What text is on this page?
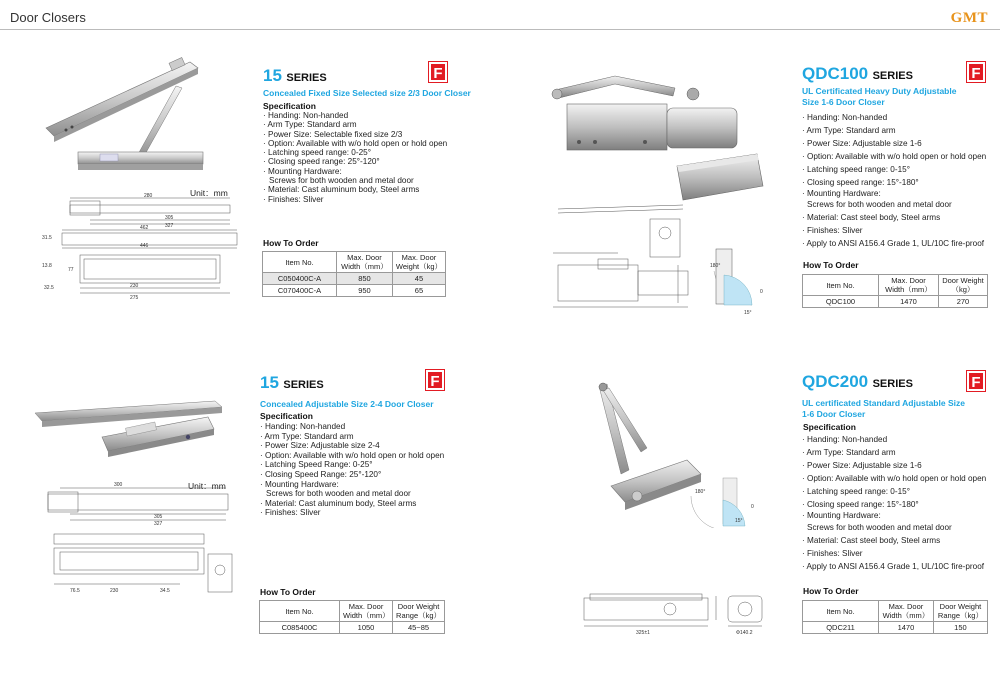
Door Closers	GMT
Unit：mm
280
305
327
462
446
31.5
13.8
77
32.5	230
275
15 SERIES	F
Concealed Fixed Size Selected size 2/3 Door Closer
Specification
· Handing: Non-handed
· Arm Type: Standard arm
· Power Size: Selectable fixed size 2/3
· Option: Available with w/o hold open or hold open
· Latching speed range: 0-25°
· Closing speed range: 25°-120°
· Mounting Hardware:
Screws for both wooden and metal door
· Material: Cast aluminum body, Steel arms
· Finishes: Sliver
How To Order
Item No.	Max. Door Width（mm）	Max. Door Weight（kg）
C050400C-A	850	45
C070400C-A	950	65
180°
15°
0
QDC100 SERIES	F
UL Certificated Heavy Duty Adjustable Size 1-6 Door Closer
· Handing: Non-handed
· Arm Type: Standard arm
· Power Size: Adjustable size 1-6
· Option: Available with w/o hold open or hold open
· Latching speed range: 0-15°
· Closing speed range: 15°-180°
· Mounting Hardware:
Screws for both wooden and metal door
· Material: Cast steel body, Steel arms
· Finishes: Sliver
· Apply to ANSI A156.4 Grade 1, UL/10C fire-proof
How To Order
Item No.	Max. Door Width（mm）	Door Weight（kg）
QDC100	1470	270
Unit：mm
300
305
327
76.5	230	34.5
15 SERIES	F
Concealed Adjustable Size 2-4 Door Closer
Specification
· Handing: Non-handed
· Arm Type: Standard arm
· Power Size: Adjustable size 2-4
· Option: Available with w/o hold open or hold open
· Latching Speed Range: 0-25°
· Closing Speed Range: 25°-120°
· Mounting Hardware:
Screws for both wooden and metal door
· Material: Cast aluminum body, Steel arms
· Finishes: Sliver
How To Order
Item No.	Max. Door Width（mm）	Door Weight Range（kg）
C085400C	1050	45~85
180°
15°
0
325±1	Φ140.2
QDC200 SERIES	F
UL certificated Standard Adjustable Size 1-6 Door Closer
Specification
· Handing: Non-handed
· Arm Type: Standard arm
· Power Size: Adjustable size 1-6
· Option: Available with w/o hold open or hold open
· Latching speed range: 0-15°
· Closing speed range: 15°-180°
· Mounting Hardware:
Screws for both wooden and metal door
· Material: Cast steel body, Steel arms
· Finishes: Sliver
· Apply to ANSI A156.4 Grade 1, UL/10C fire-proof
How To Order
Item No.	Max. Door Width（mm）	Door Weight Range（kg）
QDC211	1470	150
